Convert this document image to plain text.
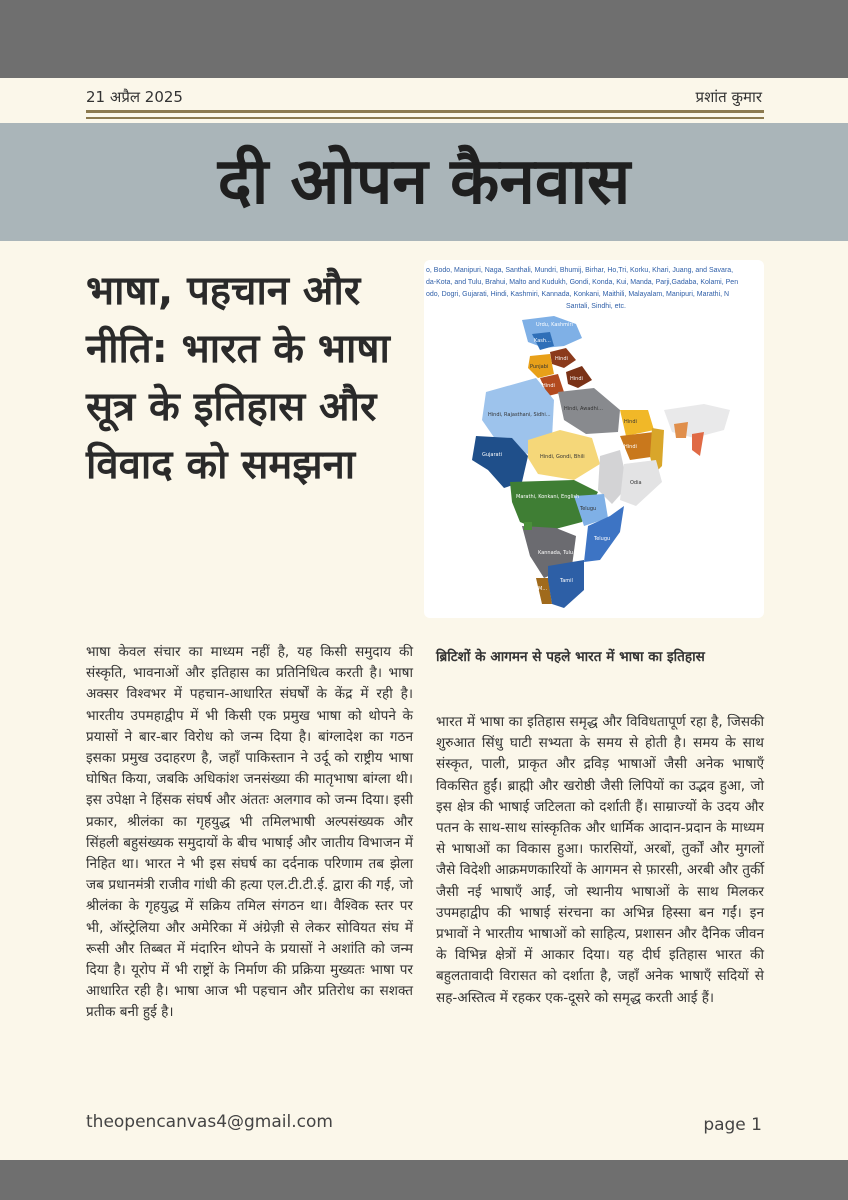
21 अप्रैल 2025	प्रशांत कुमार
दी ओपन कैनवास
भाषा, पहचान और नीति: भारत के भाषा सूत्र के इतिहास और विवाद को समझना
o, Bodo, Manipuri, Naga, Santhali, Mundri, Bhumij, Birhar, Ho,Tri, Korku, Khari, Juang, and Savara,
da-Kota, and Tulu, Brahui, Malto and Kudukh, Gondi, Konda, Kui, Manda, Parji,Gadaba, Kolami, Pen
odo, Dogri, Gujarati, Hindi, Kashmiri, Kannada, Konkani, Maithili, Malayalam, Manipuri, Marathi, N
Santali, Sindhi, etc.
Urdu, Kashmiri
Kash...
Hindi
Punjabi
Hindi
Hindi
Hindi, Rajasthani, Sidhi...
Hindi, Awadhi...
Hindi
Hindi, Gondi, Bhili
Hindi
Gujarati
Odia
Marathi, Konkani, English
Telugu
Telugu
Kannada, Tulu
Tamil
M...
भाषा केवल संचार का माध्यम नहीं है, यह किसी समुदाय की संस्कृति, भावनाओं और इतिहास का प्रतिनिधित्व करती है। भाषा अक्सर विश्वभर में पहचान-आधारित संघर्षों के केंद्र में रही है। भारतीय उपमहाद्वीप में भी किसी एक प्रमुख भाषा को थोपने के प्रयासों ने बार-बार विरोध को जन्म दिया है। बांग्लादेश का गठन इसका प्रमुख उदाहरण है, जहाँ पाकिस्तान ने उर्दू को राष्ट्रीय भाषा घोषित किया, जबकि अधिकांश जनसंख्या की मातृभाषा बांग्ला थी। इस उपेक्षा ने हिंसक संघर्ष और अंततः अलगाव को जन्म दिया। इसी प्रकार, श्रीलंका का गृहयुद्ध भी तमिलभाषी अल्पसंख्यक और सिंहली बहुसंख्यक समुदायों के बीच भाषाई और जातीय विभाजन में निहित था। भारत ने भी इस संघर्ष का दर्दनाक परिणाम तब झेला जब प्रधानमंत्री राजीव गांधी की हत्या एल.टी.टी.ई. द्वारा की गई, जो श्रीलंका के गृहयुद्ध में सक्रिय तमिल संगठन था। वैश्विक स्तर पर भी, ऑस्ट्रेलिया और अमेरिका में अंग्रेज़ी से लेकर सोवियत संघ में रूसी और तिब्बत में मंदारिन थोपने के प्रयासों ने अशांति को जन्म दिया है। यूरोप में भी राष्ट्रों के निर्माण की प्रक्रिया मुख्यतः भाषा पर आधारित रही है। भाषा आज भी पहचान और प्रतिरोध का सशक्त प्रतीक बनी हुई है।
ब्रिटिशों के आगमन से पहले भारत में भाषा का इतिहास
भारत में भाषा का इतिहास समृद्ध और विविधतापूर्ण रहा है, जिसकी शुरुआत सिंधु घाटी सभ्यता के समय से होती है। समय के साथ संस्कृत, पाली, प्राकृत और द्रविड़ भाषाओं जैसी अनेक भाषाएँ विकसित हुईं। ब्राह्मी और खरोष्ठी जैसी लिपियों का उद्भव हुआ, जो इस क्षेत्र की भाषाई जटिलता को दर्शाती हैं। साम्राज्यों के उदय और पतन के साथ-साथ सांस्कृतिक और धार्मिक आदान-प्रदान के माध्यम से भाषाओं का विकास हुआ। फारसियों, अरबों, तुर्कों और मुगलों जैसे विदेशी आक्रमणकारियों के आगमन से फ़ारसी, अरबी और तुर्की जैसी नई भाषाएँ आईं, जो स्थानीय भाषाओं के साथ मिलकर उपमहाद्वीप की भाषाई संरचना का अभिन्न हिस्सा बन गईं। इन प्रभावों ने भारतीय भाषाओं को साहित्य, प्रशासन और दैनिक जीवन के विभिन्न क्षेत्रों में आकार दिया। यह दीर्घ इतिहास भारत की बहुलतावादी विरासत को दर्शाता है, जहाँ अनेक भाषाएँ सदियों से सह-अस्तित्व में रहकर एक-दूसरे को समृद्ध करती आई हैं।
theopencanvas4@gmail.com	page 1
